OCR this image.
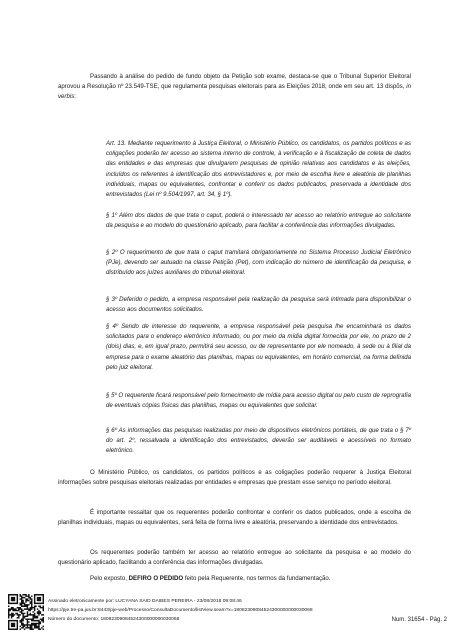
Passando à análise do pedido de fundo objeto da Petição sob exame, destaca-se que o Tribunal Superior Eleitoral aprovou a Resolução nº 23.549-TSE, que regulamenta pesquisas eleitorais para as Eleições 2018, onde em seu art. 13 dispõs, in verbis:

Art. 13. Mediante requerimento à Justiça Eleitoral, o Ministério Público, os candidatos, os partidos políticos e as coligações poderão ter acesso ao sistema interno de controle, à verificação e à fiscalização de coleta de dados das entidades e das empresas que divulgarem pesquisas de opinião relativas aos candidatos e às eleições, incluídos os referentes à identificação dos entrevistadores e, por meio de escolha livre e aleatória de planilhas individuais, mapas ou equivalentes, confrontar e conferir os dados publicados, preservada a identidade dos entrevistados (Lei nº 9.504/1997, art. 34, § 1º).

§ 1º Além dos dados de que trata o caput, poderá o interessado ter acesso ao relatório entregue ao solicitante da pesquisa e ao modelo do questionário aplicado, para facilitar a conferência das informações divulgadas.

§ 2º O requerimento de que trata o caput tramitará obrigatoriamente no Sistema Processo Judicial Eletrônico (PJe), devendo ser autuado na classe Petição (Pet), com indicação do número de identificação da pesquisa, e distribuído aos juízes auxiliares do tribunal eleitoral.

§ 3º Deferido o pedido, a empresa responsável pela realização da pesquisa será intimada para disponibilizar o acesso aos documentos solicitados.

§ 4º Sendo de interesse do requerente, a empresa responsável pela pesquisa lhe encaminhará os dados solicitados para o endereço eletrônico informado, ou por meio da mídia digital fornecida por ele, no prazo de 2 (dois) dias, e, em igual prazo, permitirá seu acesso, ou de representante por ele nomeado, à sede ou à filial da empresa para o exame aleatório das planilhas, mapas ou equivalentes, em horário comercial, na forma definida pelo juiz eleitoral.

§ 5º O requerente ficará responsável pelo fornecimento de mídia para acesso digital ou pelo custo de reprografia de eventuais cópias físicas das planilhas, mapas ou equivalentes que solicitar.

§ 6º As informações das pesquisas realizadas por meio de dispositivos eletrônicos portáteis, de que trata o § 7º do art. 2º, ressalvada a identificação dos entrevistados, deverão ser auditáveis e acessíveis no formato eletrônico.

O Ministério Público, os candidatos, os partidos políticos e as coligações poderão requerer à Justiça Eleitoral informações sobre pesquisas eleitorais realizadas por entidades e empresas que prestam esse serviço no período eleitoral.

É importante ressaltar que os requerentes poderão confrontar e conferir os dados publicados, onde a escolha de planilhas individuais, mapas ou equivalentes, será feita de forma livre e aleatória, preservando a identidade dos entrevistados.

Os requerentes poderão também ter acesso ao relatório entregue ao solicitante da pesquisa e ao modelo do questionário aplicado, facilitando a conferência das informações divulgadas.

Pelo exposto, DEFIRO O PEDIDO feito pela Requerente, nos termos da fundamentação.

Assinado eletronicamente por: LUCYANA SAID DAIBES PEREIRA - 23/08/2018 09:08:46
https://pje.tre-pa.jus.br:8443/pje-web/Processo/ConsultaDocumento/listView.seam?x=18082309084524300000000030068
Número do documento: 18082309084524300000000030068	Num. 31654 - Pág. 2
